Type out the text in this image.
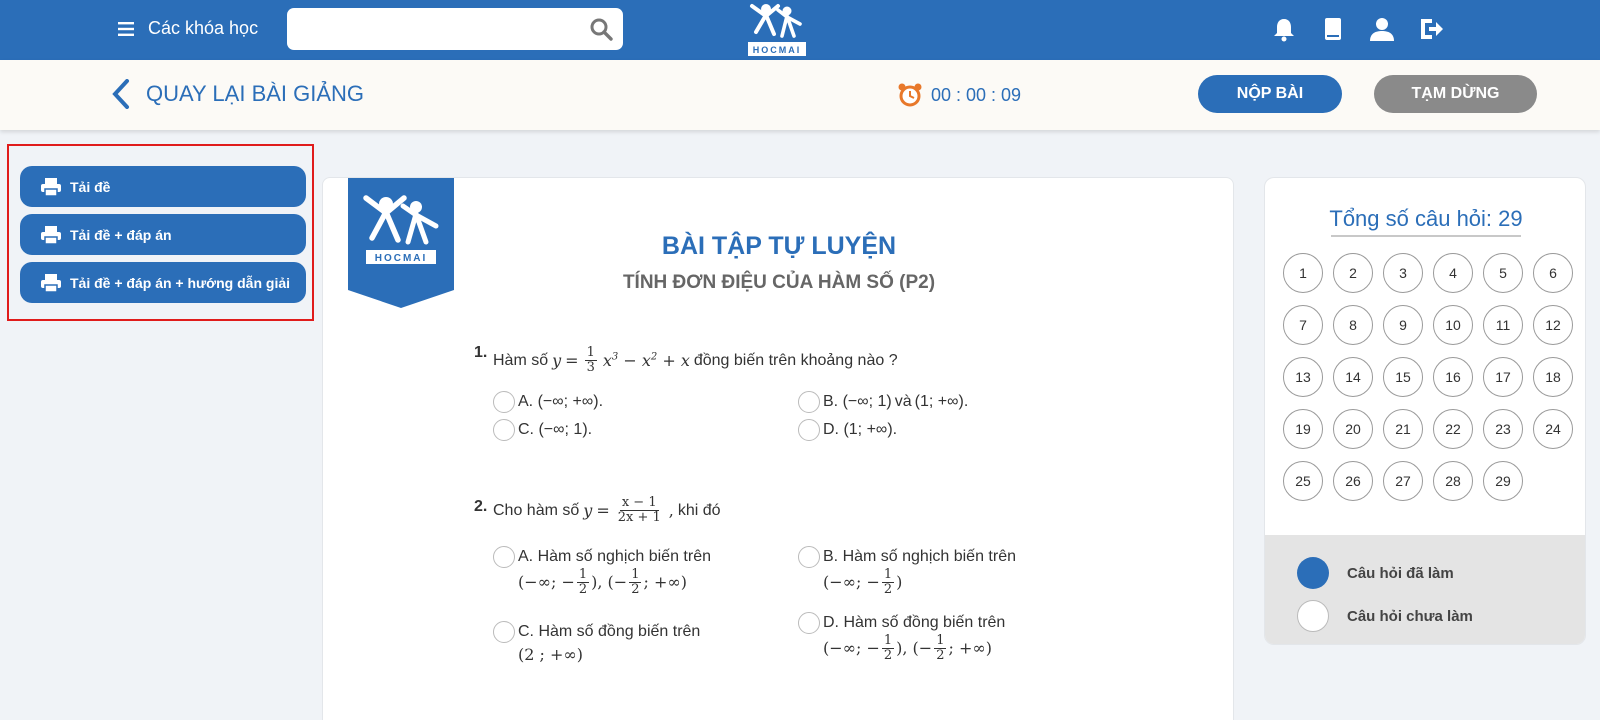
Các khóa học
HOCMAI
QUAY LẠI BÀI GIẢNG	00 : 00 : 09	NỘP BÀI	TẠM DỪNG
Tải đề
Tải đề + đáp án
Tải đề + đáp án + hướng dẫn giải
HOCMAI	BÀI TẬP TỰ LUYỆN
TÍNH ĐƠN ĐIỆU CỦA HÀM SỐ (P2)
1. Hàm số $y = \frac{1}{3} x^3 - x^2 + x$ đồng biến trên khoảng nào ?
A. (−∞; +∞).	B. (−∞; 1) và (1; +∞).
C. (−∞; 1).	D. (1; +∞).
2. Cho hàm số $y = \frac{x - 1}{2x + 1}$ , khi đó
A. Hàm số nghịch biến trên
(−∞; − $\frac{1}{2}$ ), (− $\frac{1}{2}$ ; +∞)
B. Hàm số nghịch biến trên
(−∞; − $\frac{1}{2}$ )
C. Hàm số đồng biến trên
(2 ; +∞)
D. Hàm số đồng biến trên
(−∞; − $\frac{1}{2}$ ), (− $\frac{1}{2}$ ; +∞)
Tổng số câu hỏi: 29
1	2	3	4	5	6
7	8	9	10	11	12
13	14	15	16	17	18
19	20	21	22	23	24
25	26	27	28	29
Câu hỏi đã làm
Câu hỏi chưa làm
